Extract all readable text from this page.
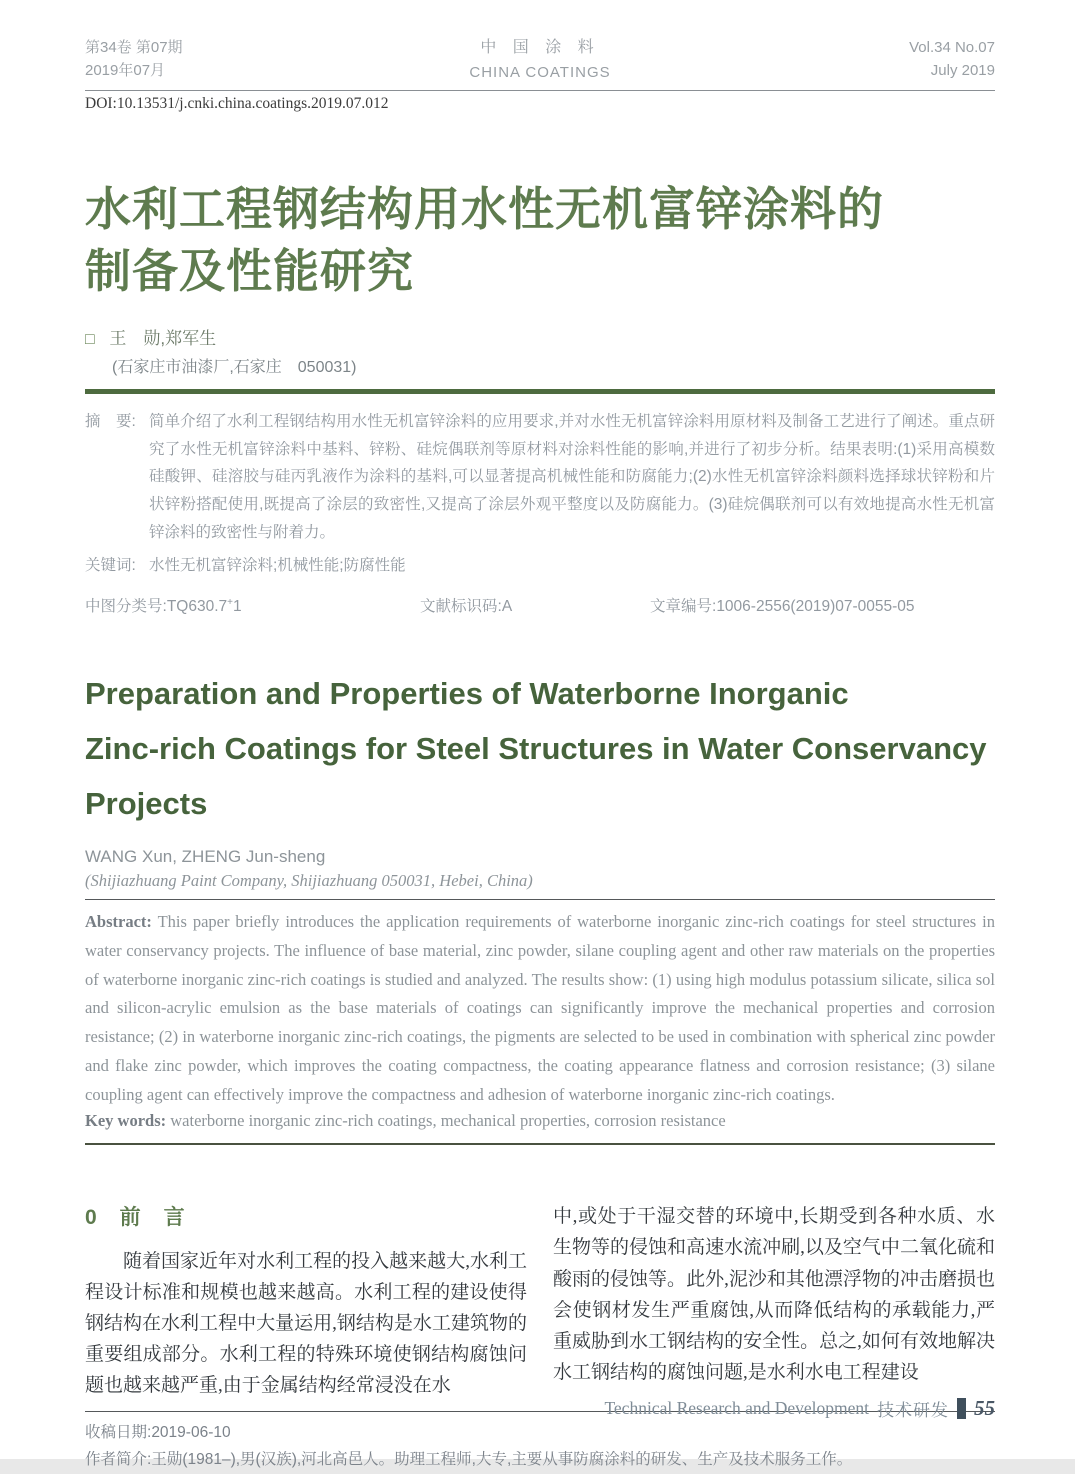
第34卷 第07期
2019年07月
中 国 涂 料
CHINA COATINGS
Vol.34 No.07
July 2019
DOI:10.13531/j.cnki.china.coatings.2019.07.012
水利工程钢结构用水性无机富锌涂料的
制备及性能研究
□ 王　勋,郑军生
(石家庄市油漆厂,石家庄　050031)
摘　要: 简单介绍了水利工程钢结构用水性无机富锌涂料的应用要求,并对水性无机富锌涂料用原材料及制备工艺进行了阐述。重点研究了水性无机富锌涂料中基料、锌粉、硅烷偶联剂等原材料对涂料性能的影响,并进行了初步分析。结果表明:(1)采用高模数硅酸钾、硅溶胶与硅丙乳液作为涂料的基料,可以显著提高机械性能和防腐能力;(2)水性无机富锌涂料颜料选择球状锌粉和片状锌粉搭配使用,既提高了涂层的致密性,又提高了涂层外观平整度以及防腐能力。(3)硅烷偶联剂可以有效地提高水性无机富锌涂料的致密性与附着力。
关键词: 水性无机富锌涂料;机械性能;防腐性能
中图分类号:TQ630.7+1	文献标识码:A	文章编号:1006-2556(2019)07-0055-05
Preparation and Properties of Waterborne Inorganic
Zinc-rich Coatings for Steel Structures in Water Conservancy
Projects
WANG Xun, ZHENG Jun-sheng
(Shijiazhuang Paint Company, Shijiazhuang 050031, Hebei, China)

Abstract: This paper briefly introduces the application requirements of waterborne inorganic zinc-rich coatings for steel structures in water conservancy projects. The influence of base material, zinc powder, silane coupling agent and other raw materials on the properties of waterborne inorganic zinc-rich coatings is studied and analyzed. The results show: (1) using high modulus potassium silicate, silica sol and silicon-acrylic emulsion as the base materials of coatings can significantly improve the mechanical properties and corrosion resistance; (2) in waterborne inorganic zinc-rich coatings, the pigments are selected to be used in combination with spherical zinc powder and flake zinc powder, which improves the coating compactness, the coating appearance flatness and corrosion resistance; (3) silane coupling agent can effectively improve the compactness and adhesion of waterborne inorganic zinc-rich coatings.

Key words: waterborne inorganic zinc-rich coatings, mechanical properties, corrosion resistance

0　前　言

随着国家近年对水利工程的投入越来越大,水利工程设计标准和规模也越来越高。水利工程的建设使得钢结构在水利工程中大量运用,钢结构是水工建筑物的重要组成部分。水利工程的特殊环境使钢结构腐蚀问题也越来越严重,由于金属结构经常浸没在水

中,或处于干湿交替的环境中,长期受到各种水质、水生物等的侵蚀和高速水流冲刷,以及空气中二氧化硫和酸雨的侵蚀等。此外,泥沙和其他漂浮物的冲击磨损也会使钢材发生严重腐蚀,从而降低结构的承载能力,严重威胁到水工钢结构的安全性。总之,如何有效地解决水工钢结构的腐蚀问题,是水利水电工程建设

收稿日期:2019-06-10
作者简介:王勋(1981–),男(汉族),河北高邑人。助理工程师,大专,主要从事防腐涂料的研发、生产及技术服务工作。
Technical Research and Development 技术研发 55
